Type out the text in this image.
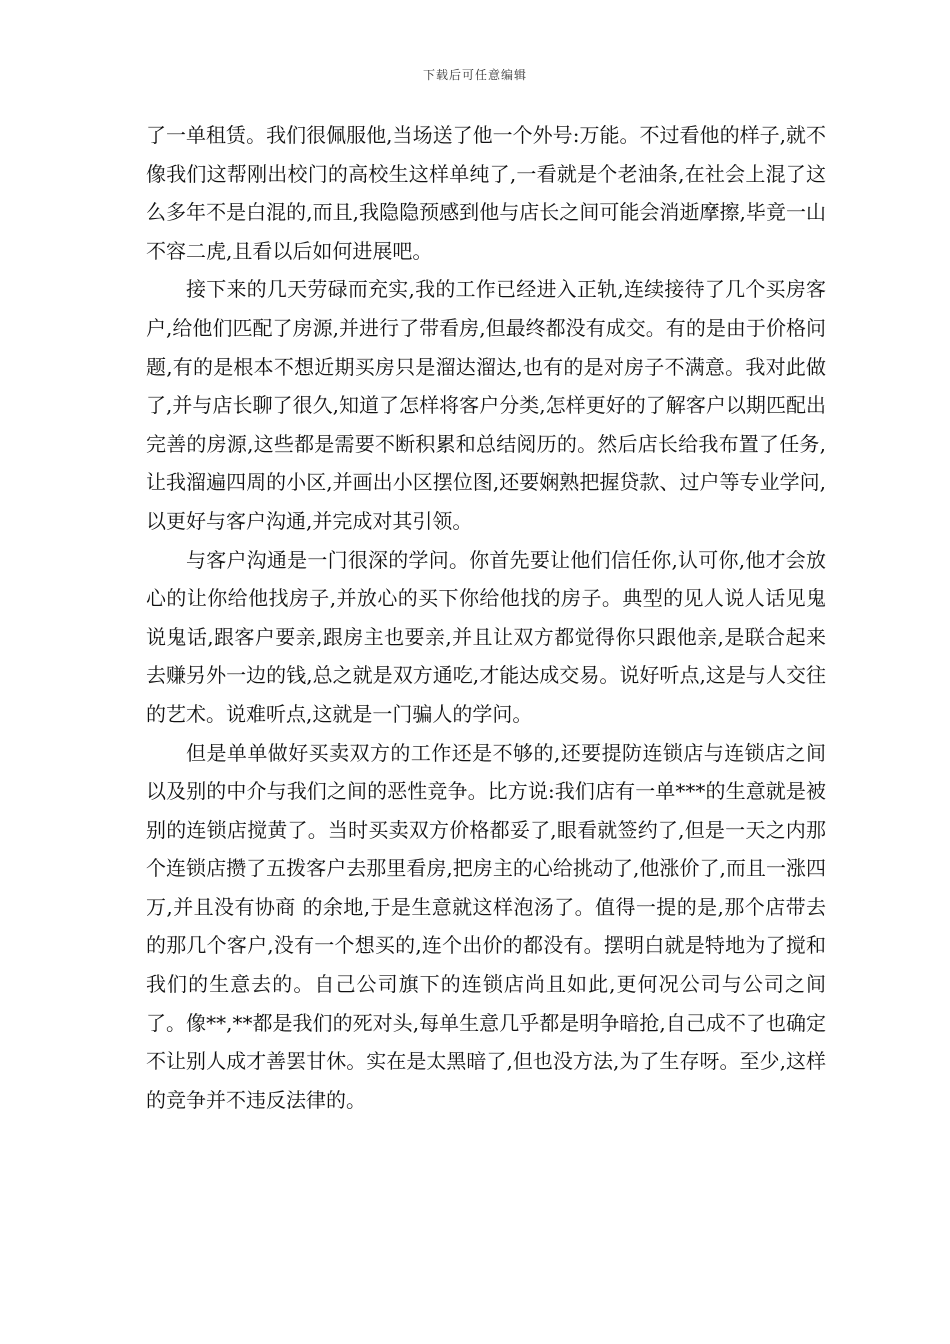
下载后可任意编辑

了一单租赁。我们很佩服他,当场送了他一个外号:万能。不过看他的样子,就不像我们这帮刚出校门的高校生这样单纯了,一看就是个老油条,在社会上混了这么多年不是白混的,而且,我隐隐预感到他与店长之间可能会消逝摩擦,毕竟一山不容二虎,且看以后如何进展吧。

接下来的几天劳碌而充实,我的工作已经进入正轨,连续接待了几个买房客户,给他们匹配了房源,并进行了带看房,但最终都没有成交。有的是由于价格问题,有的是根本不想近期买房只是溜达溜达,也有的是对房子不满意。我对此做了,并与店长聊了很久,知道了怎样将客户分类,怎样更好的了解客户以期匹配出完善的房源,这些都是需要不断积累和总结阅历的。然后店长给我布置了任务,让我溜遍四周的小区,并画出小区摆位图,还要娴熟把握贷款、过户等专业学问,以更好与客户沟通,并完成对其引领。

与客户沟通是一门很深的学问。你首先要让他们信任你,认可你,他才会放心的让你给他找房子,并放心的买下你给他找的房子。典型的见人说人话见鬼说鬼话,跟客户要亲,跟房主也要亲,并且让双方都觉得你只跟他亲,是联合起来去赚另外一边的钱,总之就是双方通吃,才能达成交易。说好听点,这是与人交往的艺术。说难听点,这就是一门骗人的学问。

但是单单做好买卖双方的工作还是不够的,还要提防连锁店与连锁店之间以及别的中介与我们之间的恶性竞争。比方说:我们店有一单***的生意就是被别的连锁店搅黄了。当时买卖双方价格都妥了,眼看就签约了,但是一天之内那个连锁店攒了五拨客户去那里看房,把房主的心给挑动了,他涨价了,而且一涨四万,并且没有协商 的余地,于是生意就这样泡汤了。值得一提的是,那个店带去的那几个客户,没有一个想买的,连个出价的都没有。摆明白就是特地为了搅和我们的生意去的。自己公司旗下的连锁店尚且如此,更何况公司与公司之间了。像**,**都是我们的死对头,每单生意几乎都是明争暗抢,自己成不了也确定不让别人成才善罢甘休。实在是太黑暗了,但也没方法,为了生存呀。至少,这样的竞争并不违反法律的。
